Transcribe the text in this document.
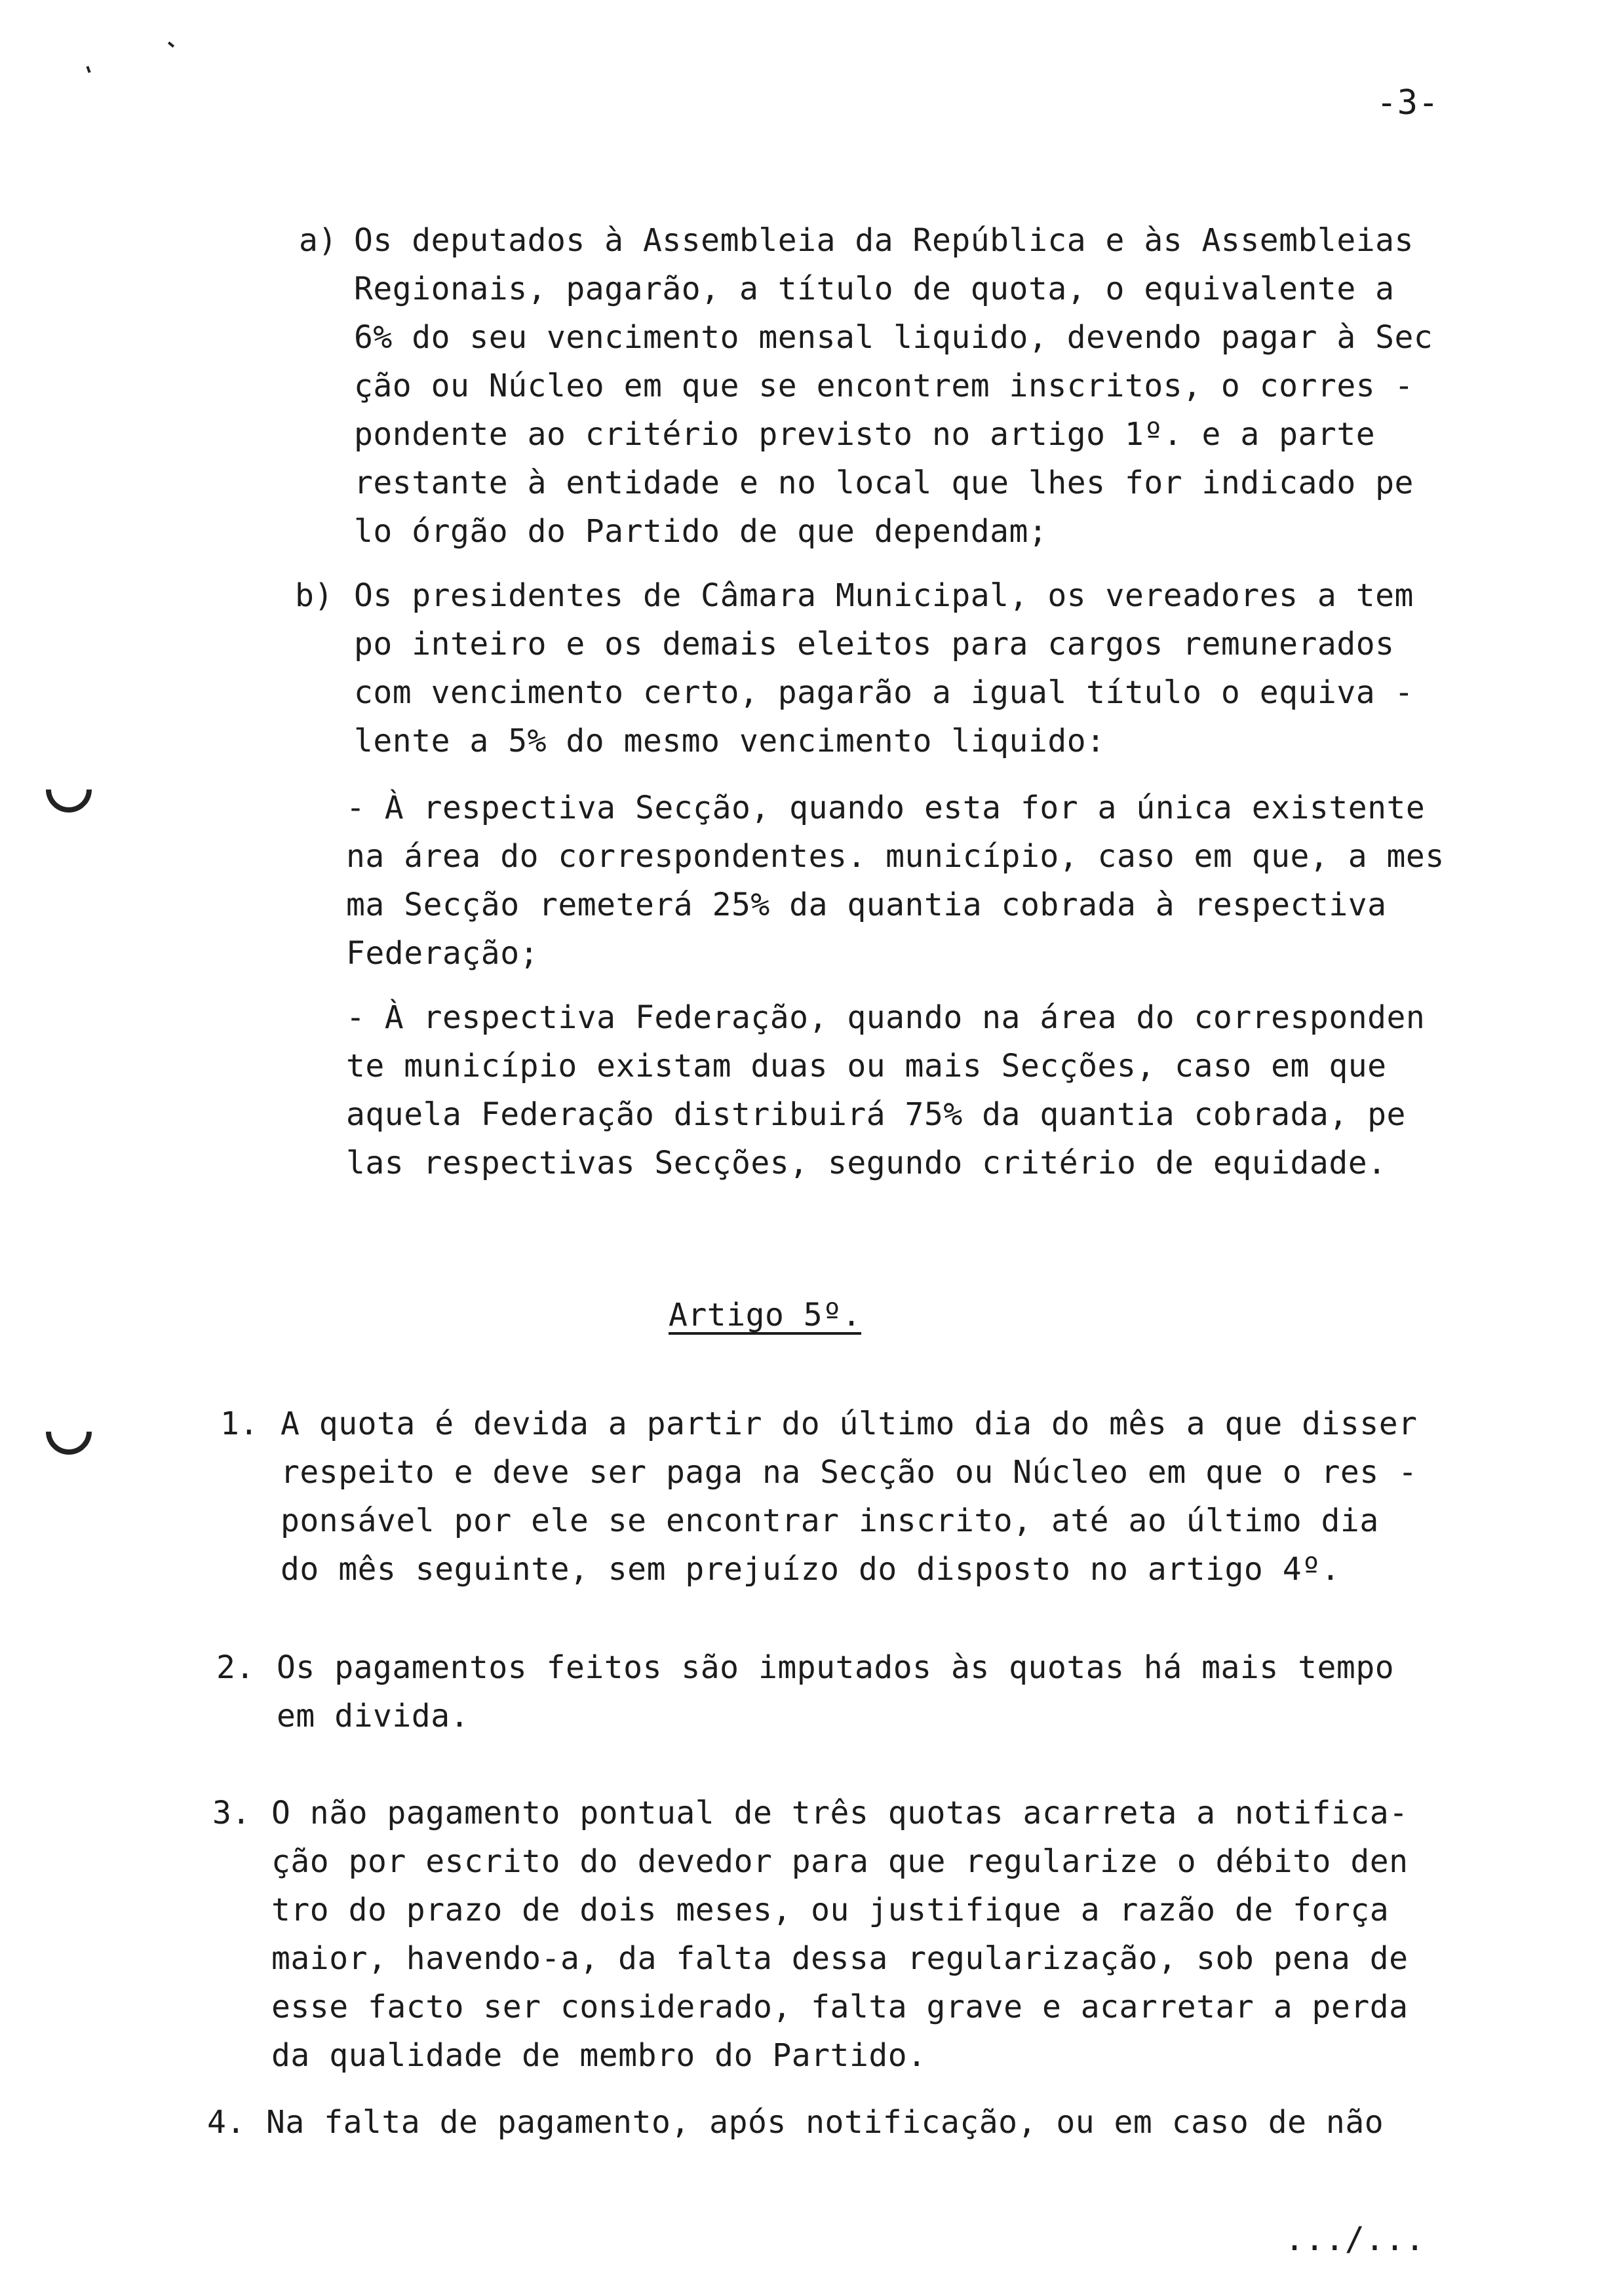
-3-
a) Os deputados à Assembleia da República e às Assembleias
Regionais, pagarão, a título de quota, o equivalente a
6% do seu vencimento mensal liquido, devendo pagar à Sec
ção ou Núcleo em que se encontrem inscritos, o corres -
pondente ao critério previsto no artigo 1º. e a parte
restante à entidade e no local que lhes for indicado pe
lo órgão do Partido de que dependam;
b) Os presidentes de Câmara Municipal, os vereadores a tem
po inteiro e os demais eleitos para cargos remunerados
com vencimento certo, pagarão a igual título o equiva -
lente a 5% do mesmo vencimento liquido:
- À respectiva Secção, quando esta for a única existente
na área do correspondentes. município, caso em que, a mes
ma Secção remeterá 25% da quantia cobrada à respectiva
Federação;
- À respectiva Federação, quando na área do corresponden
te município existam duas ou mais Secções, caso em que
aquela Federação distribuirá 75% da quantia cobrada, pe
las respectivas Secções, segundo critério de equidade.
Artigo 5º.
1. A quota é devida a partir do último dia do mês a que disser
respeito e deve ser paga na Secção ou Núcleo em que o res -
ponsável por ele se encontrar inscrito, até ao último dia
do mês seguinte, sem prejuízo do disposto no artigo 4º.
2. Os pagamentos feitos são imputados às quotas há mais tempo
em divida.
3. O não pagamento pontual de três quotas acarreta a notifica-
ção por escrito do devedor para que regularize o débito den
tro do prazo de dois meses, ou justifique a razão de força
maior, havendo-a, da falta dessa regularização, sob pena de
esse facto ser considerado, falta grave e acarretar a perda
da qualidade de membro do Partido.
4. Na falta de pagamento, após notificação, ou em caso de não
.../...
